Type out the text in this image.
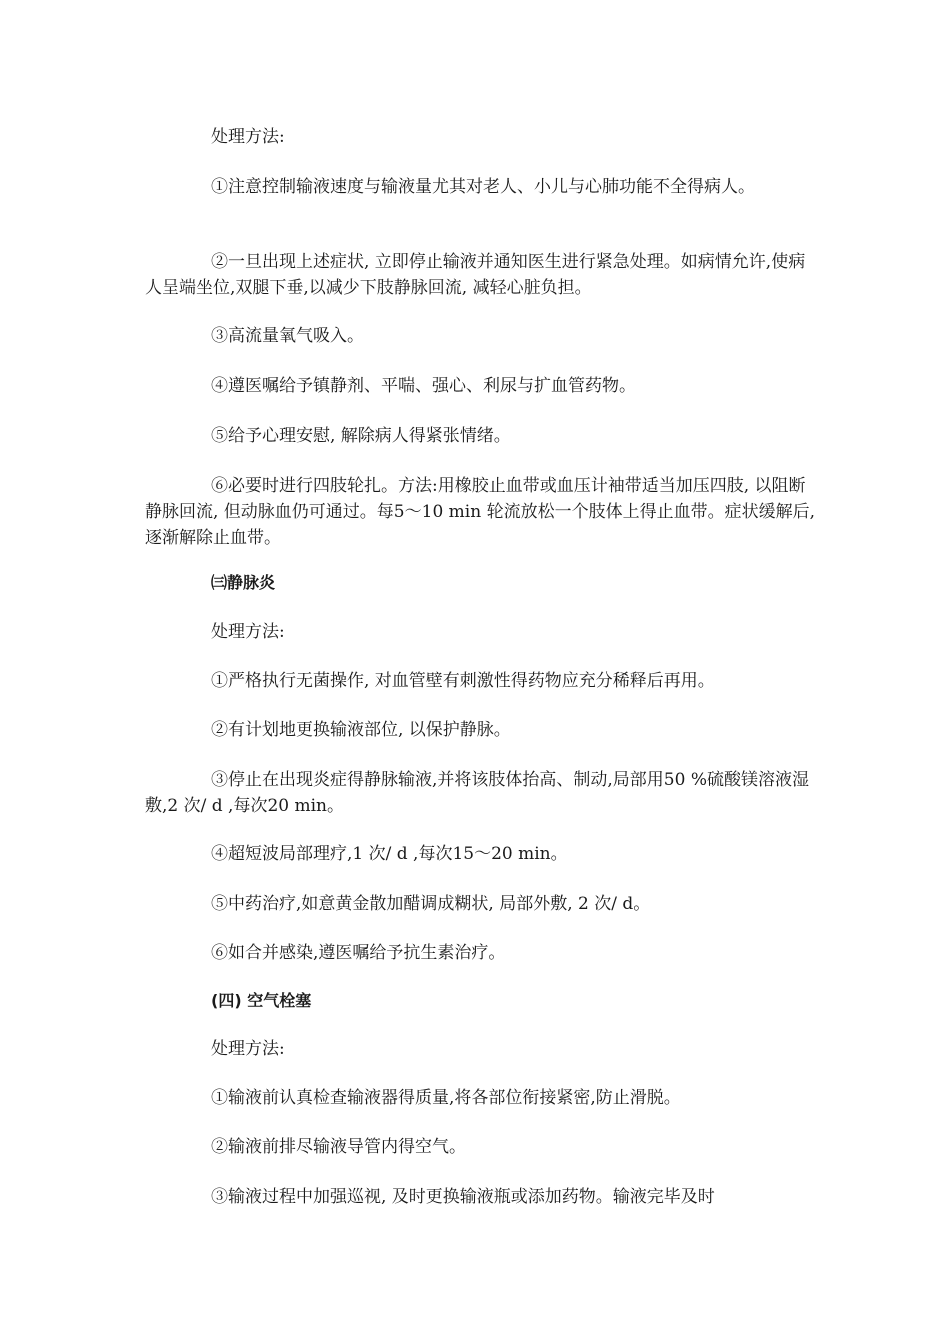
处理方法:

①注意控制输液速度与输液量尤其对老人、小儿与心肺功能不全得病人。

②一旦出现上述症状, 立即停止输液并通知医生进行紧急处理。如病情允许,使病人呈端坐位,双腿下垂,以减少下肢静脉回流, 减轻心脏负担。

③高流量氧气吸入。

④遵医嘱给予镇静剂、平喘、强心、利尿与扩血管药物。

⑤给予心理安慰, 解除病人得紧张情绪。

⑥必要时进行四肢轮扎。方法:用橡胶止血带或血压计袖带适当加压四肢, 以阻断静脉回流, 但动脉血仍可通过。每5～10 min 轮流放松一个肢体上得止血带。症状缓解后,逐渐解除止血带。

㈢静脉炎

处理方法:

①严格执行无菌操作, 对血管壁有刺激性得药物应充分稀释后再用。

②有计划地更换输液部位, 以保护静脉。

③停止在出现炎症得静脉输液,并将该肢体抬高、制动,局部用50 %硫酸镁溶液湿敷,2 次/ d ,每次20 min。

④超短波局部理疗,1 次/ d ,每次15～20 min。

⑤中药治疗,如意黄金散加醋调成糊状, 局部外敷, 2 次/ d。

⑥如合并感染,遵医嘱给予抗生素治疗。

(四) 空气栓塞

处理方法:

①输液前认真检查输液器得质量,将各部位衔接紧密,防止滑脱。

②输液前排尽输液导管内得空气。

③输液过程中加强巡视, 及时更换输液瓶或添加药物。输液完毕及时
